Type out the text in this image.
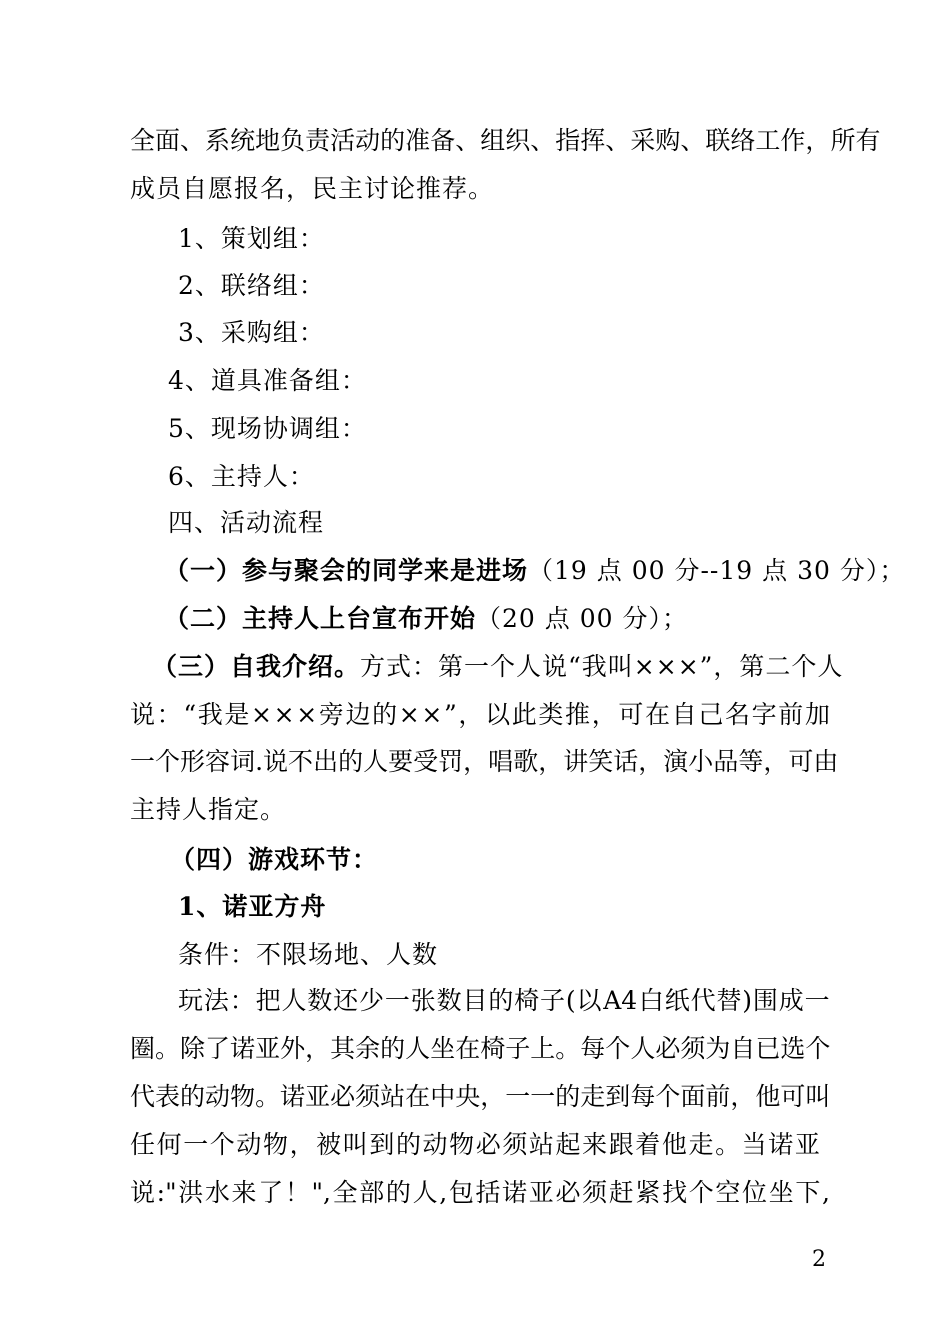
全 面 、 系 统 地 负 责 活 动 的 准 备 、 组 织 、 指 挥 、 采 购 、 联 络 工 作 ， 所 有
成员自愿报名，民主讨论推荐。
1、策划组：
2、联络组：
3、采购组：
4、道具准备组：
5、现场协调组：
6、主持人：
四、活动流程
（一）参与聚会的同学来是进场（19 点 00 分--19 点 30 分）；
（二）主持人上台宣布开始（20 点 00 分）；
（三）自我介绍。方式：第一个人说“我叫×××”，第二个人
说 ： “ 我 是 × × × 旁 边 的 × × ” ， 以 此 类 推 ， 可 在 自 己 名 字 前 加
一 个 形 容 词 . 说 不 出 的 人 要 受 罚 ， 唱 歌 ， 讲 笑 话 ， 演 小 品 等 ， 可 由
主持人指定。
（四）游戏环节：
1、诺亚方舟
条件：不限场地、人数
玩 法 ： 把 人 数 还 少 一 张 数 目 的 椅 子 ( 以 A4 白 纸 代 替 ) 围 成 一
圈 。 除 了 诺 亚 外 ， 其 余 的 人 坐 在 椅 子 上 。 每 个 人 必 须 为 自 已 选 个
代 表 的 动 物 。 诺 亚 必 须 站 在 中 央 ， 一 一 的 走 到 每 个 面 前 ， 他 可 叫
任 何 一 个 动 物 ， 被 叫 到 的 动 物 必 须 站 起 来 跟 着 他 走 。 当 诺 亚
说 :" 洪 水 来 了 ！ ", 全 部 的 人 , 包 括 诺 亚 必 须 赶 紧 找 个 空 位 坐 下 ,
2
